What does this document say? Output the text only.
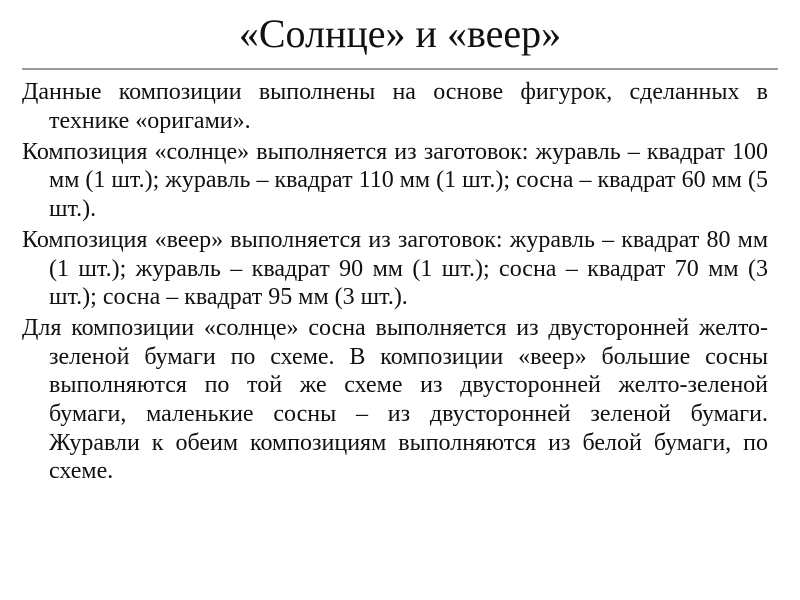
«Солнце» и «веер»

Данные композиции выполнены на основе фигурок, сделанных в технике «оригами».

Композиция «солнце» выполняется из заготовок: журавль – квадрат 100 мм (1 шт.); журавль – квадрат 110 мм (1 шт.); сосна – квадрат 60 мм (5 шт.).

Композиция «веер» выполняется из заготовок: журавль – квадрат 80 мм (1 шт.); журавль – квадрат 90 мм (1 шт.); сосна – квадрат 70 мм (3 шт.); сосна – квадрат 95 мм (3 шт.).

Для композиции «солнце» сосна выполняется из двусторонней желто-зеленой бумаги по схеме. В композиции «веер» большие сосны выполняются по той же схеме из двусторонней желто-зеленой бумаги, маленькие сосны – из двусторонней зеленой бумаги. Журавли к обеим композициям выполняются из белой бумаги, по схеме.
